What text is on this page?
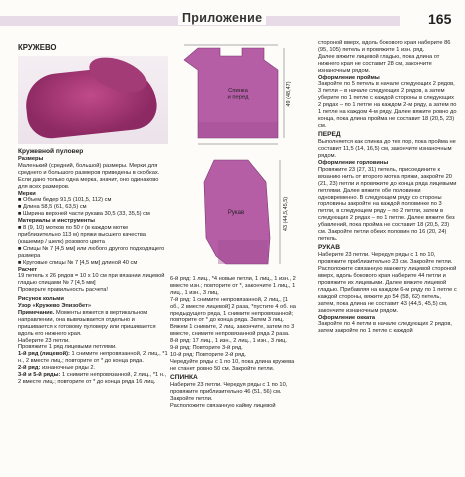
Приложение	165
КРУЖЕВО
Кружевной пуловер
Размеры

Маленький (средний, большой) размеры. Мерки для среднего и большого размеров приведены в скобках. Если дано только одна мерка, значит, оно одинаково для всех размеров.

Мерки

■ Объем бедер 91,5 (101,5, 112) см

■ Длина 58,5 (61, 63,5) см

■ Ширина верхней части рукава 30,5 (33, 35,5) см

Материалы и инструменты

■ 8 (9, 10) мотков по 50 г (в каждом мотке приблизительно 113 м) пряжи высшего качества (кашемир / шелк) розового цвета

■ Спицы № 7 [4,5 мм] или любого другого подходящего размера

■ Круговые спицы № 7 [4,5 мм] длиной 40 см

Расчет

19 петель х 26 рядов = 10 х 10 см при вязании лицевой гладью спицами № 7 [4,5 мм]

Проверьте правильность расчета!

Рисунок кольми
Узор «Кружево Эпизобет»

Примечание. Моменты вяжется в вертикальном направлении, она вывязывается отдельно и пришивается к готовому пуловеру или пришивается вдоль его нижнего края.

Наберите 23 петли.

Провяжите 1 ряд лицевыми петлями.

1-й ряд (лицевой): 1 снимите непровязанной, 2 лиц., *1 н., 2 вместе лиц.; повторите от * до конца ряда.

2-й ряд: изнаночные ряды 2.

3-й и 5-й ряды: 1 снимите непровязанной, 2 лиц., *1 н., 2 вместе лиц.; повторите от * до конца ряда 16 лиц.

Спинка и перед	49 (48,47)
Рукав	43 (44,5,45,5)

6-й ряд: 1 лиц., *4 новые петли, 1 лиц., 1 изн., 2 вместе изн.; повторите от *, закончите 1 лиц., 1 лиц., 1 изн., 3 лиц.

7-й ряд: 1 снимите непровязанной, 2 лиц., [1 об., 2 вместе лицевой] 2 раза, *пустите 4 об. на предыдущего ряда, 1 снимите непровязанной; повторите от * до конца ряда. Затем 3 лиц. Вяжем 1 снимите, 2 лиц. закончите, затем по 3 вместе, снимите непровязанной ряда 2 раза.

8-й ряд: 17 лиц., 1 изн., 2 лиц., 1 изн., 3 лиц.

9-й ряд: Повторите 3-й ряд.

10-й ряд: Повторите 2-й ряд.

Чередуйте ряды с 1 по 10, пока длина кружева не станет ровно 50 см. Закройте петли.

СПИНКА

Наберите 23 петли. Чередуя ряды с 1 по 10, провяжите приблизительно 46 (51, 56) см. Закройте петли.

Расположите связанную кайму лицевой

стороной вверх, вдоль бокового края наберите 86 (95, 105) петель и провяжите 1 изн. ряд.

Далее вяжите лицевой гладью, пока длина от нижнего края не составит 28 см, закончите изнаночным рядом.

Оформление проймы

Закройте по 5 петель в начале следующих 2 рядов, 3 петли – в начале следующих 2 рядов, а затем уберите по 1 петле с каждой стороны в следующих 2 рядах – по 1 петле на каждом 2-м ряду, а затем по 1 петле на каждом 4-м ряду. Далее вяжите ровно до конца, пока длина пройма не составит 18 (20,5, 23) см.

ПЕРЕД

Выполняется как спинка до тех пор, пока пройма не составит 11,5 (14, 16,5) см, закончите изнаночным рядом.

Оформление горловины

Провяжите 23 (27, 31) петель, присоедините к вязанию нить от второго мотка пряжи, закройте 20 (21, 23) петли и провяжите до конца ряда лицевыми петлями. Далее вяжите обе половинки одновременно. В следующем ряду со стороны горловины закройте на каждой половинке по 3 петли, в следующем ряду – по 2 петли, затем в следующих 2 рядах – по 1 петле. Далее вяжите без убавлений, пока пройма не составит 18 (20,5, 23) см. Закройте петли обеих половин по 16 (20, 24) петель.

РУКАВ

Наберите 23 петли. Чередуя ряды с 1 по 10, провяжите приблизительно 23 см. Закройте петли.

Расположите связанную манжету лицевой стороной вверх, вдоль бокового края наберите 44 петли и провяжите их лицевыми. Далее вяжите лицевой гладью. Прибавляя на каждом 6-м ряду по 1 петле с каждой стороны, вяжите до 54 (58, 62) петель, затем, пока длина не составит 43 (44,5, 45,5) см, закончите изнаночным рядом.

Оформление окката

Закройте по 4 петли в начале следующих 2 рядов, затем закройте по 1 петле с каждой
